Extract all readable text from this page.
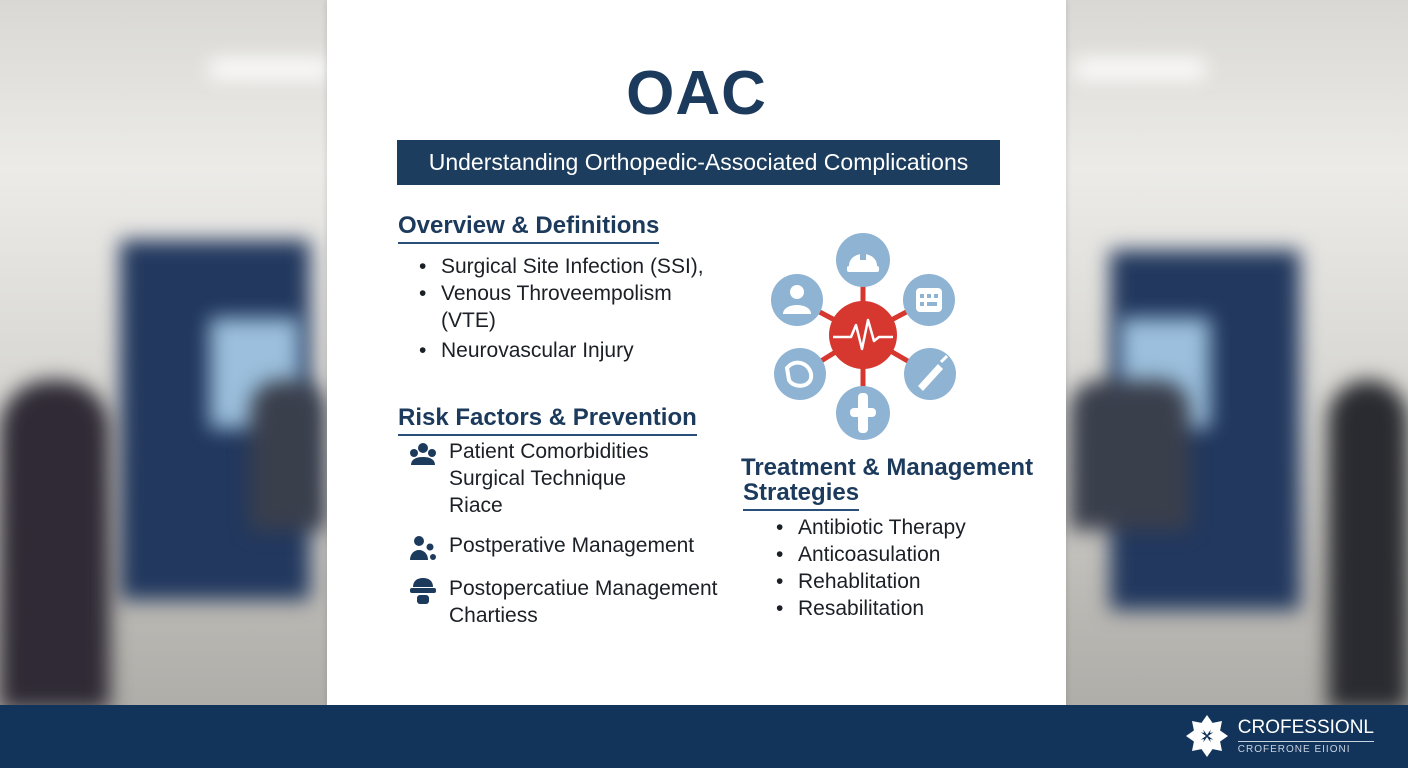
OAC
Understanding Orthopedic-Associated Complications
Overview & Definitions
• Surgical Site Infection (SSI),
• Venous Throveempolism
(VTE)
• Neurovascular Injury
Risk Factors & Prevention
Patient Comorbidities
Surgical Technique
Riace
Postperative Management
Postopercatiue Management
Chartiess
Treatment & Management
Strategies
• Antibiotic Therapy
• Anticoasulation
• Rehablitation
• Resabilitation
CROFESSIONL
CROFERONE EIIONI
